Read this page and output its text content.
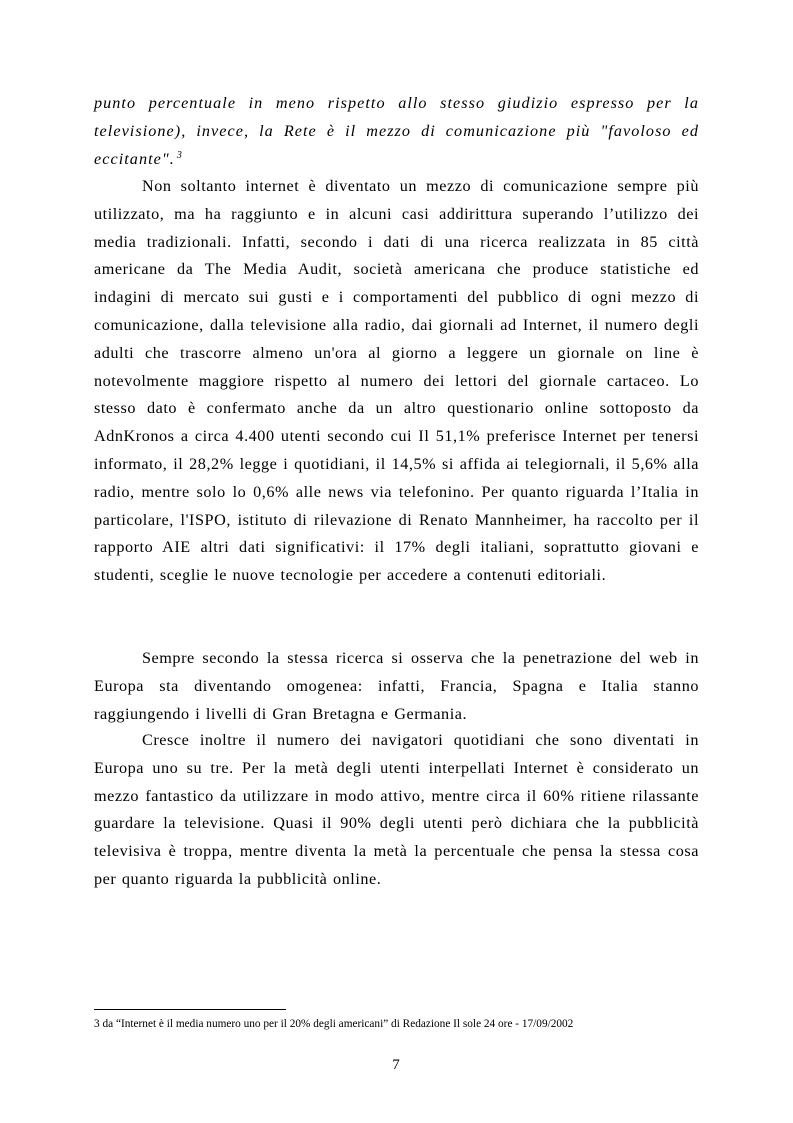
punto percentuale in meno rispetto allo stesso giudizio espresso per la televisione), invece, la Rete è il mezzo di comunicazione più "favoloso ed eccitante". $^3$

Non soltanto internet è diventato un mezzo di comunicazione sempre più utilizzato, ma ha raggiunto e in alcuni casi addirittura superando l’utilizzo dei media tradizionali. Infatti, secondo i dati di una ricerca realizzata in 85 città americane da The Media Audit, società americana che produce statistiche ed indagini di mercato sui gusti e i comportamenti del pubblico di ogni mezzo di comunicazione, dalla televisione alla radio, dai giornali ad Internet, il numero degli adulti che trascorre almeno un'ora al giorno a leggere un giornale on line è notevolmente maggiore rispetto al numero dei lettori del giornale cartaceo. Lo stesso dato è confermato anche da un altro questionario online sottoposto da AdnKronos a circa 4.400 utenti secondo cui Il 51,1% preferisce Internet per tenersi informato, il 28,2% legge i quotidiani, il 14,5% si affida ai telegiornali, il 5,6% alla radio, mentre solo lo 0,6% alle news via telefonino. Per quanto riguarda l’Italia in particolare, l'ISPO, istituto di rilevazione di Renato Mannheimer, ha raccolto per il rapporto AIE altri dati significativi: il 17% degli italiani, soprattutto giovani e studenti, sceglie le nuove tecnologie per accedere a contenuti editoriali.

Sempre secondo la stessa ricerca si osserva che la penetrazione del web in Europa sta diventando omogenea: infatti, Francia, Spagna e Italia stanno raggiungendo i livelli di Gran Bretagna e Germania.

Cresce inoltre il numero dei navigatori quotidiani che sono diventati in Europa uno su tre. Per la metà degli utenti interpellati Internet è considerato un mezzo fantastico da utilizzare in modo attivo, mentre circa il 60% ritiene rilassante guardare la televisione. Quasi il 90% degli utenti però dichiara che la pubblicità televisiva è troppa, mentre diventa la metà la percentuale che pensa la stessa cosa per quanto riguarda la pubblicità online.

3 da “Internet è il media numero uno per il 20% degli americani” di Redazione Il sole 24 ore - 17/09/2002
7
